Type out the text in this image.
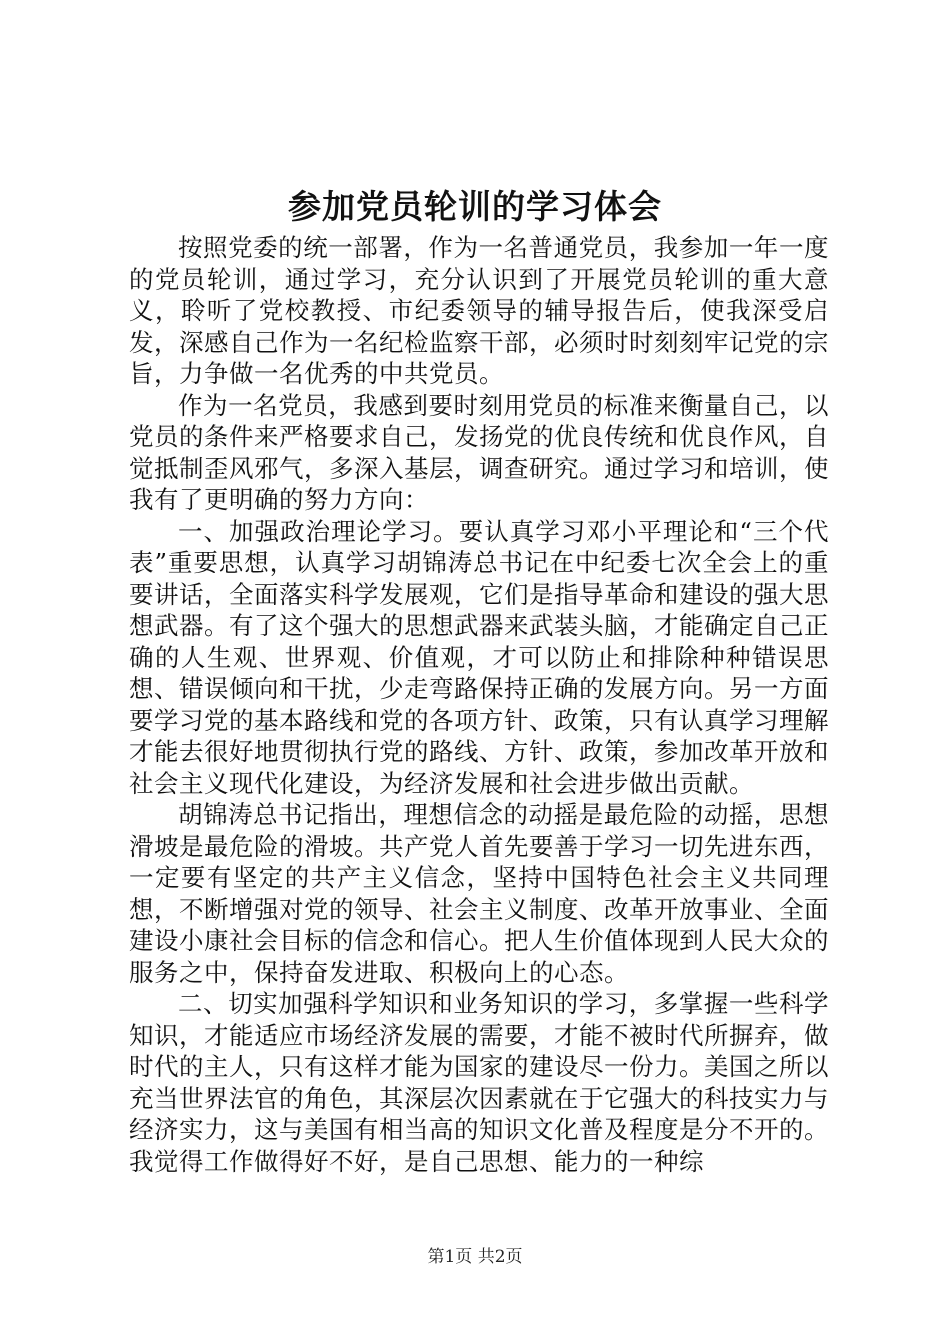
参加党员轮训的学习体会

按照党委的统一部署，作为一名普通党员，我参加一年一度的党员轮训，通过学习，充分认识到了开展党员轮训的重大意义，聆听了党校教授、市纪委领导的辅导报告后，使我深受启发，深感自己作为一名纪检监察干部，必须时时刻刻牢记党的宗旨，力争做一名优秀的中共党员。

作为一名党员，我感到要时刻用党员的标准来衡量自己，以党员的条件来严格要求自己，发扬党的优良传统和优良作风，自觉抵制歪风邪气，多深入基层，调查研究。通过学习和培训，使我有了更明确的努力方向：

一、加强政治理论学习。要认真学习邓小平理论和“三个代表”重要思想，认真学习胡锦涛总书记在中纪委七次全会上的重要讲话，全面落实科学发展观，它们是指导革命和建设的强大思想武器。有了这个强大的思想武器来武装头脑，才能确定自己正确的人生观、世界观、价值观，才可以防止和排除种种错误思想、错误倾向和干扰，少走弯路保持正确的发展方向。另一方面要学习党的基本路线和党的各项方针、政策，只有认真学习理解才能去很好地贯彻执行党的路线、方针、政策，参加改革开放和社会主义现代化建设，为经济发展和社会进步做出贡献。

胡锦涛总书记指出，理想信念的动摇是最危险的动摇，思想滑坡是最危险的滑坡。共产党人首先要善于学习一切先进东西，一定要有坚定的共产主义信念，坚持中国特色社会主义共同理想，不断增强对党的领导、社会主义制度、改革开放事业、全面建设小康社会目标的信念和信心。把人生价值体现到人民大众的服务之中，保持奋发进取、积极向上的心态。

二、切实加强科学知识和业务知识的学习，多掌握一些科学知识，才能适应市场经济发展的需要，才能不被时代所摒弃，做时代的主人，只有这样才能为国家的建设尽一份力。美国之所以充当世界法官的角色，其深层次因素就在于它强大的科技实力与经济实力，这与美国有相当高的知识文化普及程度是分不开的。我觉得工作做得好不好，是自己思想、能力的一种综

第1页 共2页
